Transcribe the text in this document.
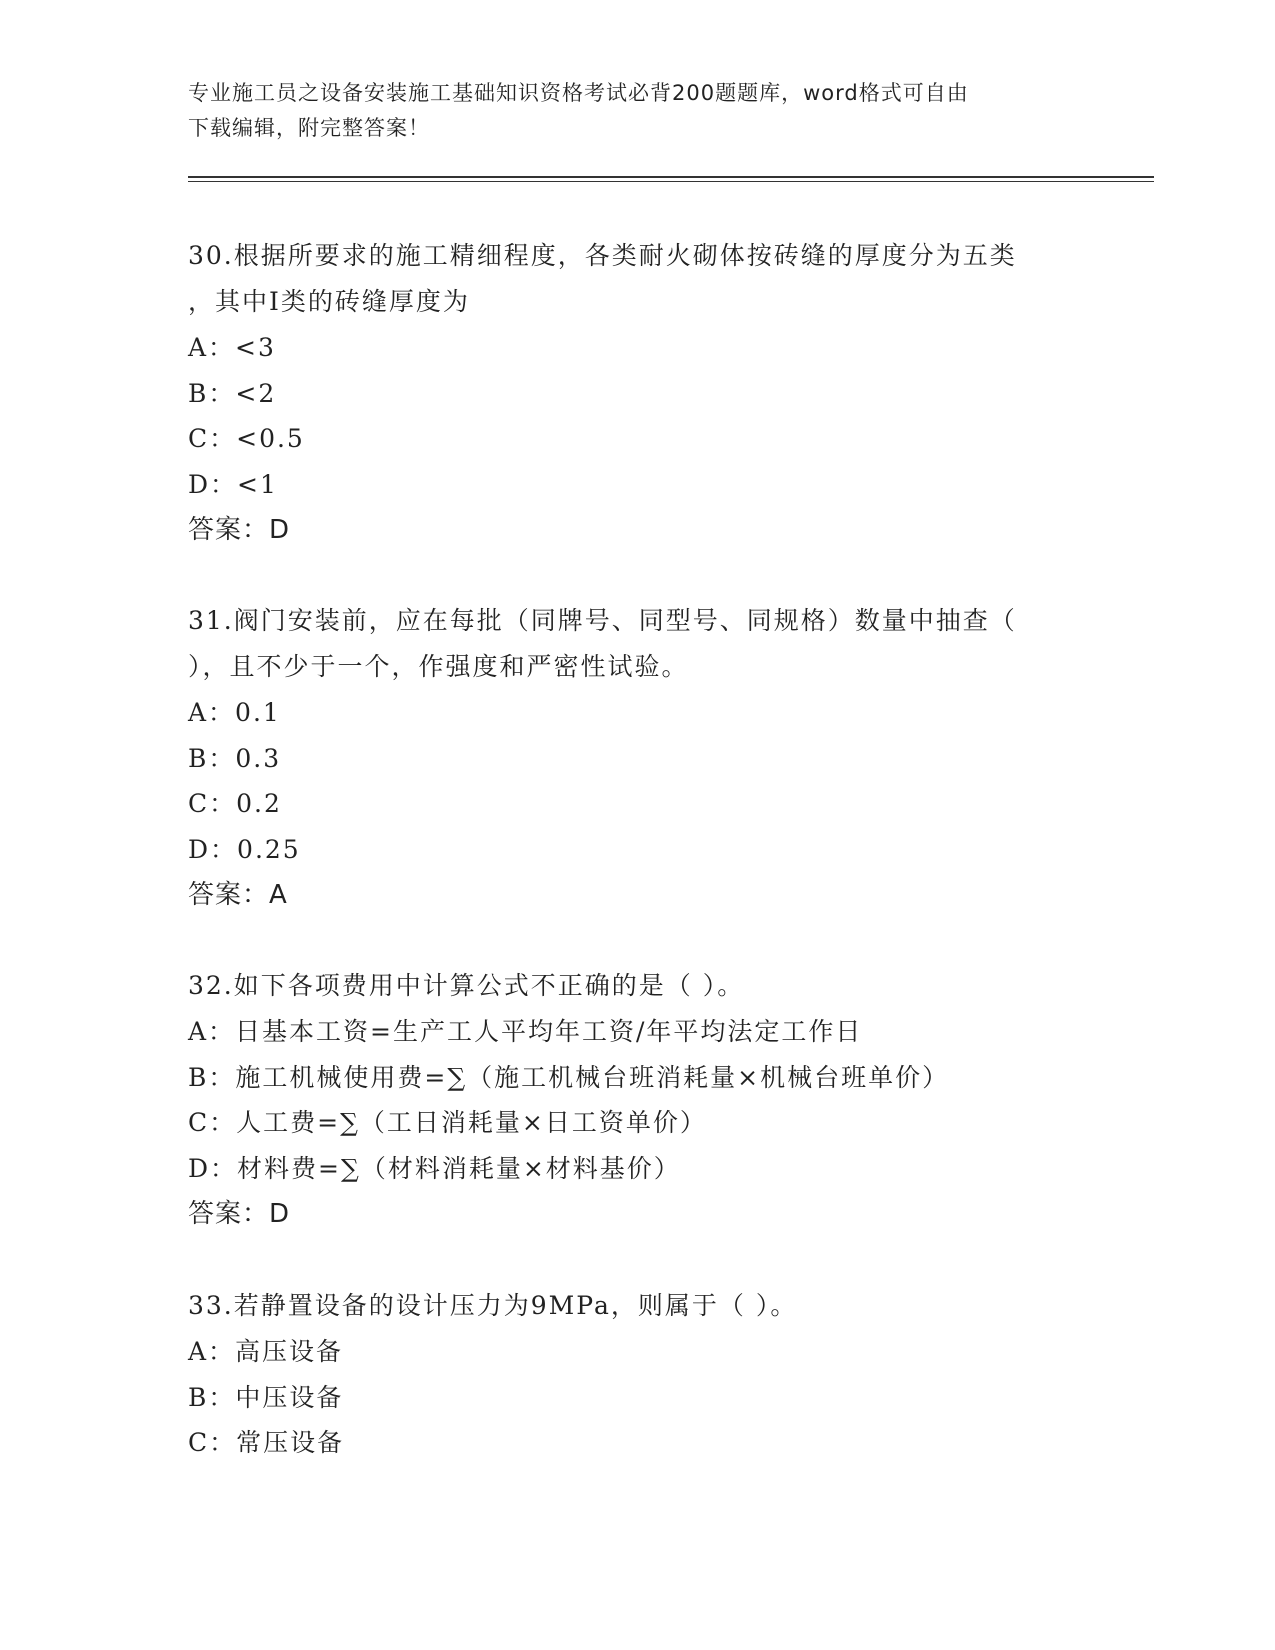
专业施工员之设备安装施工基础知识资格考试必背200题题库，word格式可自由
下载编辑，附完整答案！

30.根据所要求的施工精细程度，各类耐火砌体按砖缝的厚度分为五类

，其中Ⅰ类的砖缝厚度为

A：<3

B：<2

C：<0.5

D：<1

答案：D

31.阀门安装前，应在每批（同牌号、同型号、同规格）数量中抽查（

），且不少于一个，作强度和严密性试验。

A：0.1

B：0.3

C：0.2

D：0.25

答案：A

32.如下各项费用中计算公式不正确的是（ ）。

A：日基本工资=生产工人平均年工资/年平均法定工作日

B：施工机械使用费=∑（施工机械台班消耗量×机械台班单价）

C：人工费=∑（工日消耗量×日工资单价）

D：材料费=∑（材料消耗量×材料基价）

答案：D

33.若静置设备的设计压力为9MPa，则属于（ ）。

A：高压设备

B：中压设备

C：常压设备
